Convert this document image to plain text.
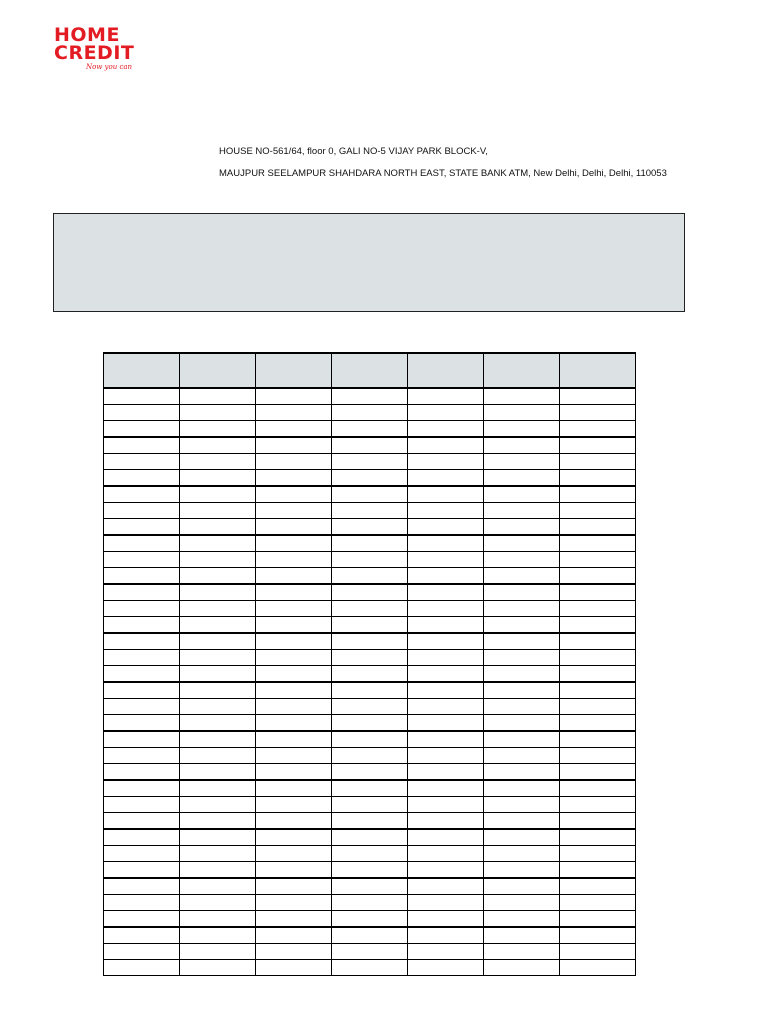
HOME
CREDIT
Now you can
HOUSE NO-561/64, floor 0, GALI NO-5 VIJAY PARK BLOCK-V,
MAUJPUR SEELAMPUR SHAHDARA NORTH EAST, STATE BANK ATM, New Delhi, Delhi, Delhi, 110053
